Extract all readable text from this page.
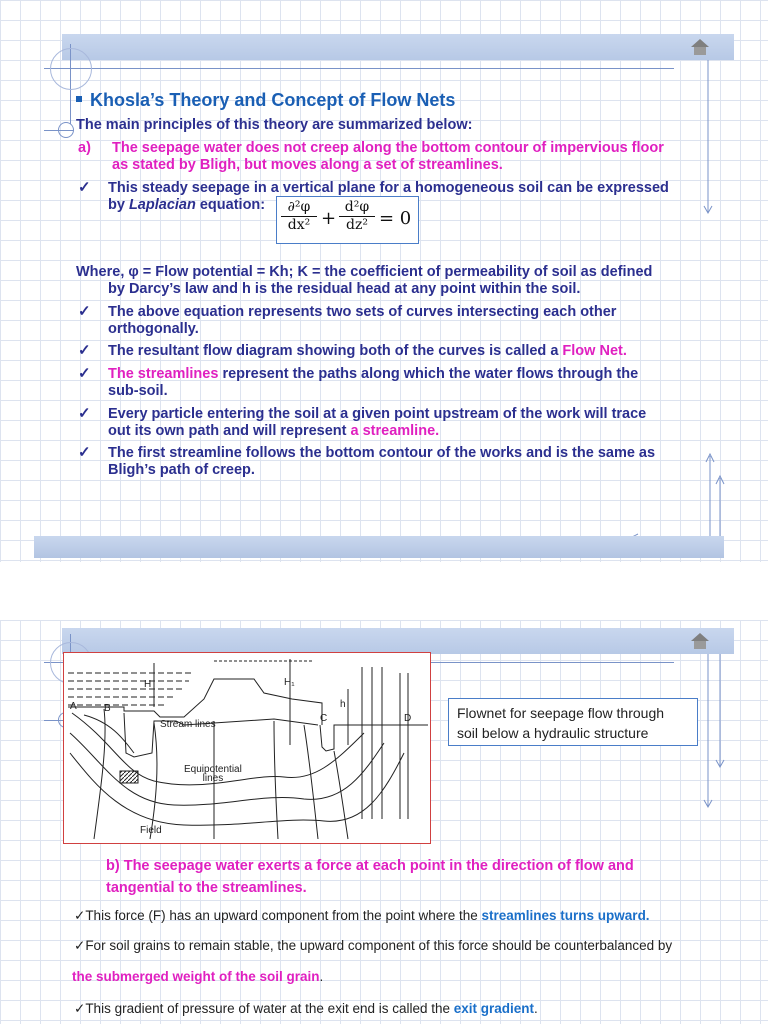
Khosla’s Theory and Concept of Flow Nets
The main principles of this theory are summarized below:
a) The seepage water does not creep along the bottom contour of impervious floor
as stated by Bligh, but moves along a set of streamlines.
✓ This steady seepage in a vertical plane for a homogeneous soil can be expressed
by Laplacian equation: $\frac{\text{∂²φ}}{\text{dx²}} + \frac{\text{d²φ}}{\text{dz²}} = 0$
Where, φ = Flow potential = Kh; K = the coefficient of permeability of soil as defined
by Darcy’s law and h is the residual head at any point within the soil.
✓ The above equation represents two sets of curves intersecting each other
orthogonally.
✓ The resultant flow diagram showing both of the curves is called a Flow Net.
✓ The streamlines represent the paths along which the water flows through the
sub-soil.
✓ Every particle entering the soil at a given point upstream of the work will trace
out its own path and will represent a streamline.
✓ The first streamline follows the bottom contour of the works and is the same as
Bligh’s path of creep.
H	H₁
h
A	B
C	D
Stream lines
Equipotential
lines
Field
Flownet for seepage flow through
soil below a hydraulic structure
b) The seepage water exerts a force at each point in the direction of flow and
tangential to the streamlines.
✓This force (F) has an upward component from the point where the streamlines turns upward.
✓For soil grains to remain stable, the upward component of this force should be counterbalanced by
the submerged weight of the soil grain.
✓This gradient of pressure of water at the exit end is called the exit gradient.
